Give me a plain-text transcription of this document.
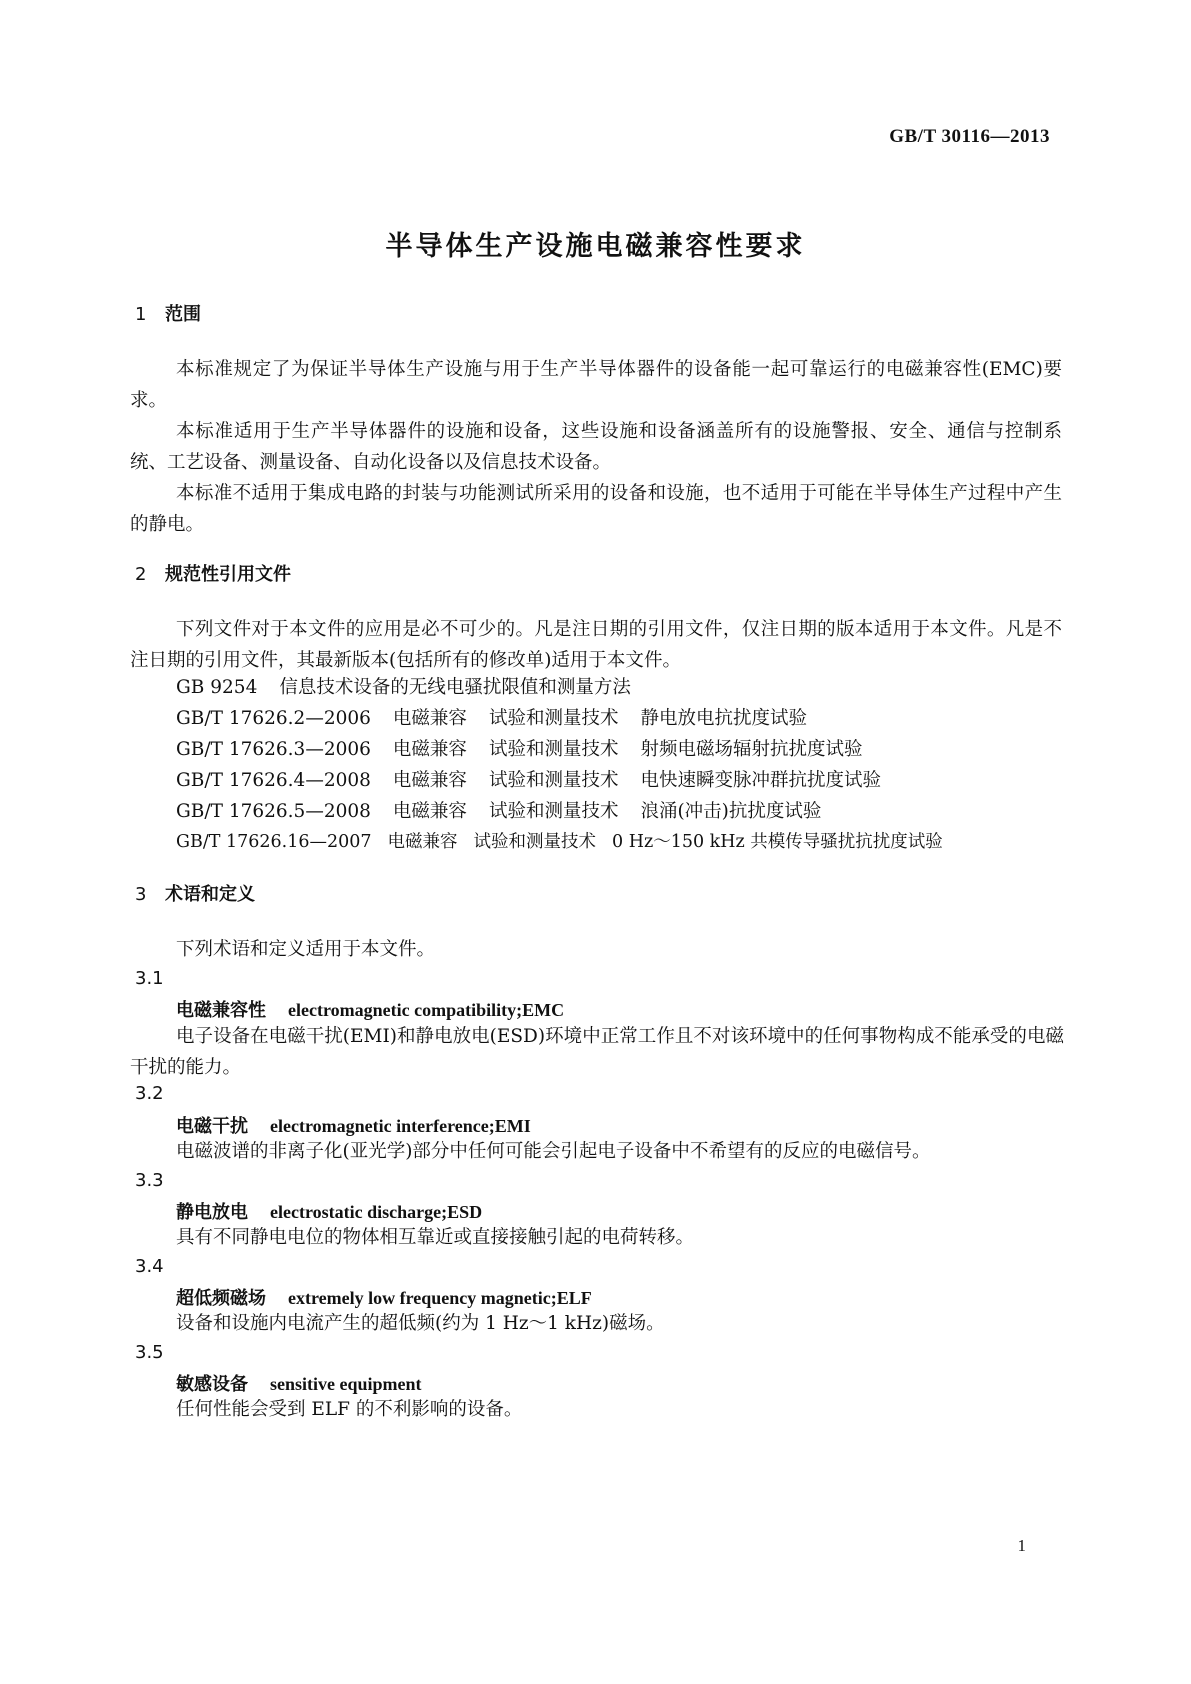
GB/T 30116—2013
半导体生产设施电磁兼容性要求
1 范围

本标准规定了为保证半导体生产设施与用于生产半导体器件的设备能一起可靠运行的电磁兼容性(EMC)要求。

本标准适用于生产半导体器件的设施和设备，这些设施和设备涵盖所有的设施警报、安全、通信与控制系统、工艺设备、测量设备、自动化设备以及信息技术设备。

本标准不适用于集成电路的封装与功能测试所采用的设备和设施，也不适用于可能在半导体生产过程中产生的静电。

2 规范性引用文件

下列文件对于本文件的应用是必不可少的。凡是注日期的引用文件，仅注日期的版本适用于本文件。凡是不注日期的引用文件，其最新版本(包括所有的修改单)适用于本文件。

GB 9254 信息技术设备的无线电骚扰限值和测量方法
GB/T 17626.2—2006 电磁兼容 试验和测量技术 静电放电抗扰度试验
GB/T 17626.3—2006 电磁兼容 试验和测量技术 射频电磁场辐射抗扰度试验
GB/T 17626.4—2008 电磁兼容 试验和测量技术 电快速瞬变脉冲群抗扰度试验
GB/T 17626.5—2008 电磁兼容 试验和测量技术 浪涌(冲击)抗扰度试验
GB/T 17626.16—2007 电磁兼容 试验和测量技术 0 Hz～150 kHz 共模传导骚扰抗扰度试验
3 术语和定义

下列术语和定义适用于本文件。

3.1
电磁兼容性 electromagnetic compatibility;EMC
电子设备在电磁干扰(EMI)和静电放电(ESD)环境中正常工作且不对该环境中的任何事物构成不能承受的电磁干扰的能力。
3.2
电磁干扰 electromagnetic interference;EMI
电磁波谱的非离子化(亚光学)部分中任何可能会引起电子设备中不希望有的反应的电磁信号。
3.3
静电放电 electrostatic discharge;ESD
具有不同静电电位的物体相互靠近或直接接触引起的电荷转移。
3.4
超低频磁场 extremely low frequency magnetic;ELF
设备和设施内电流产生的超低频(约为 1 Hz～1 kHz)磁场。
3.5
敏感设备 sensitive equipment
任何性能会受到 ELF 的不利影响的设备。
1
